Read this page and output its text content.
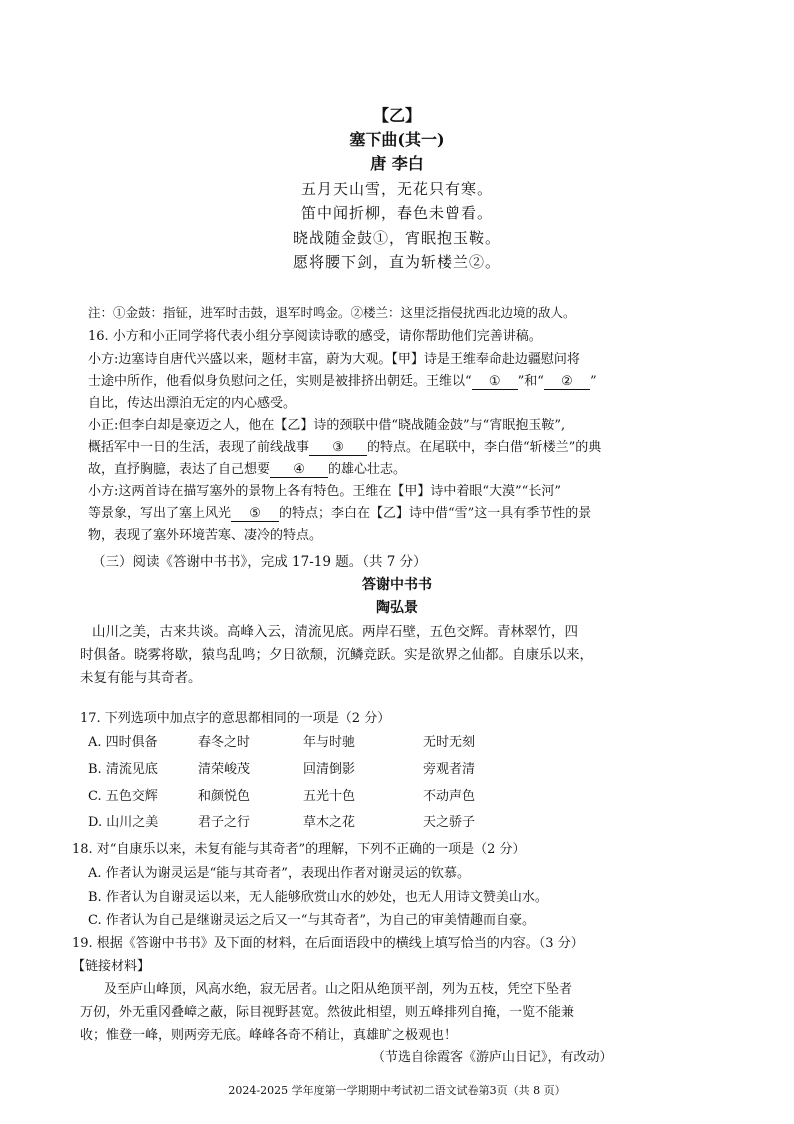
【乙】
塞下曲(其一)
唐 李白
五月天山雪，无花只有寒。
笛中闻折柳，春色未曾看。
晓战随金鼓①，宵眠抱玉鞍。
愿将腰下剑，直为斩楼兰②。
注：①金鼓：指钲，进军时击鼓，退军时鸣金。②楼兰：这里泛指侵扰西北边境的敌人。
16. 小方和小正同学将代表小组分享阅读诗歌的感受，请你帮助他们完善讲稿。
小方:边塞诗自唐代兴盛以来，题材丰富，蔚为大观。【甲】诗是王维奉命赴边疆慰问将
士途中所作，他看似身负慰问之任，实则是被排挤出朝廷。王维以“ ① ”和“ ② ”
自比，传达出漂泊无定的内心感受。
小正:但李白却是豪迈之人，他在【乙】诗的颈联中借“晓战随金鼓”与“宵眠抱玉鞍”,
概括军中一日的生活，表现了前线战事 ③ 的特点。在尾联中，李白借“斩楼兰”的典
故，直抒胸臆，表达了自己想要 ④ 的雄心壮志。
小方:这两首诗在描写塞外的景物上各有特色。王维在【甲】诗中着眼“大漠”“长河”
等景象，写出了塞上风光 ⑤ 的特点；李白在【乙】诗中借“雪”这一具有季节性的景
物，表现了塞外环境苦寒、凄冷的特点。
（三）阅读《答谢中书书》，完成 17-19 题。（共 7 分）
答谢中书书
陶弘景
山川之美，古来共谈。高峰入云，清流见底。两岸石壁，五色交辉。青林翠竹，四
时俱备。晓雾将歇，猿鸟乱鸣；夕日欲颓，沉鳞竞跃。实是欲界之仙都。自康乐以来，
未复有能与其奇者。
17. 下列选项中加点字的意思都相同的一项是（2 分）
A. 四时俱备	春冬之时	年与时驰	无时无刻
B. 清流见底	清荣峻茂	回清倒影	旁观者清
C. 五色交辉	和颜悦色	五光十色	不动声色
D. 山川之美	君子之行	草木之花	天之骄子
18. 对“自康乐以来，未复有能与其奇者”的理解，下列不正确的一项是（2 分）
A. 作者认为谢灵运是“能与其奇者”，表现出作者对谢灵运的钦慕。
B. 作者认为自谢灵运以来，无人能够欣赏山水的妙处，也无人用诗文赞美山水。
C. 作者认为自己是继谢灵运之后又一“与其奇者”，为自己的审美情趣而自豪。
19. 根据《答谢中书书》及下面的材料，在后面语段中的横线上填写恰当的内容。（3 分）
【链接材料】
及至庐山峰顶，风高水绝，寂无居者。山之阳从绝顶平剖，列为五枝，凭空下坠者
万仞，外无重冈叠嶂之蔽，际目视野甚宽。然彼此相望，则五峰排列自掩，一览不能兼
收；惟登一峰，则两旁无底。峰峰各奇不稍让，真雄旷之极观也！
（节选自徐霞客《游庐山日记》，有改动）
2024-2025 学年度第一学期期中考试初二语文试卷第3页（共 8 页）
